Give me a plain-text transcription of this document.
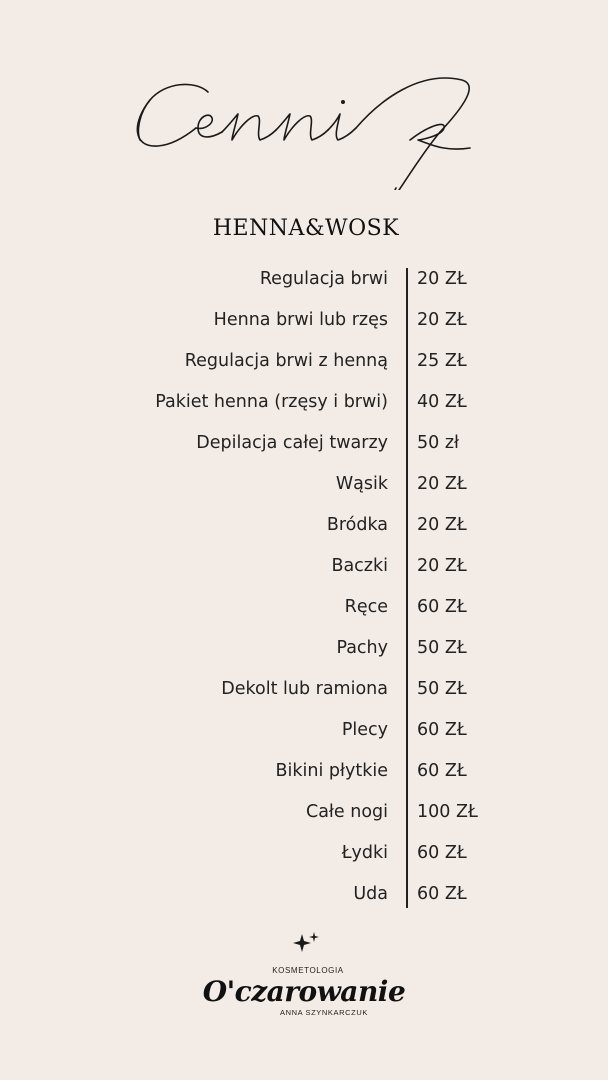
HENNA&WOSK
Regulacja brwi 20 ZŁ
Henna brwi lub rzęs 20 ZŁ
Regulacja brwi z henną 25 ZŁ
Pakiet henna (rzęsy i brwi) 40 ZŁ
Depilacja całej twarzy 50 zł
Wąsik 20 ZŁ
Bródka 20 ZŁ
Baczki 20 ZŁ
Ręce 60 ZŁ
Pachy 50 ZŁ
Dekolt lub ramiona 50 ZŁ
Plecy 60 ZŁ
Bikini płytkie 60 ZŁ
Całe nogi 100 ZŁ
Łydki 60 ZŁ
Uda 60 ZŁ
KOSMETOLOGIA
O'czarowanie
ANNA SZYNKARCZUK
